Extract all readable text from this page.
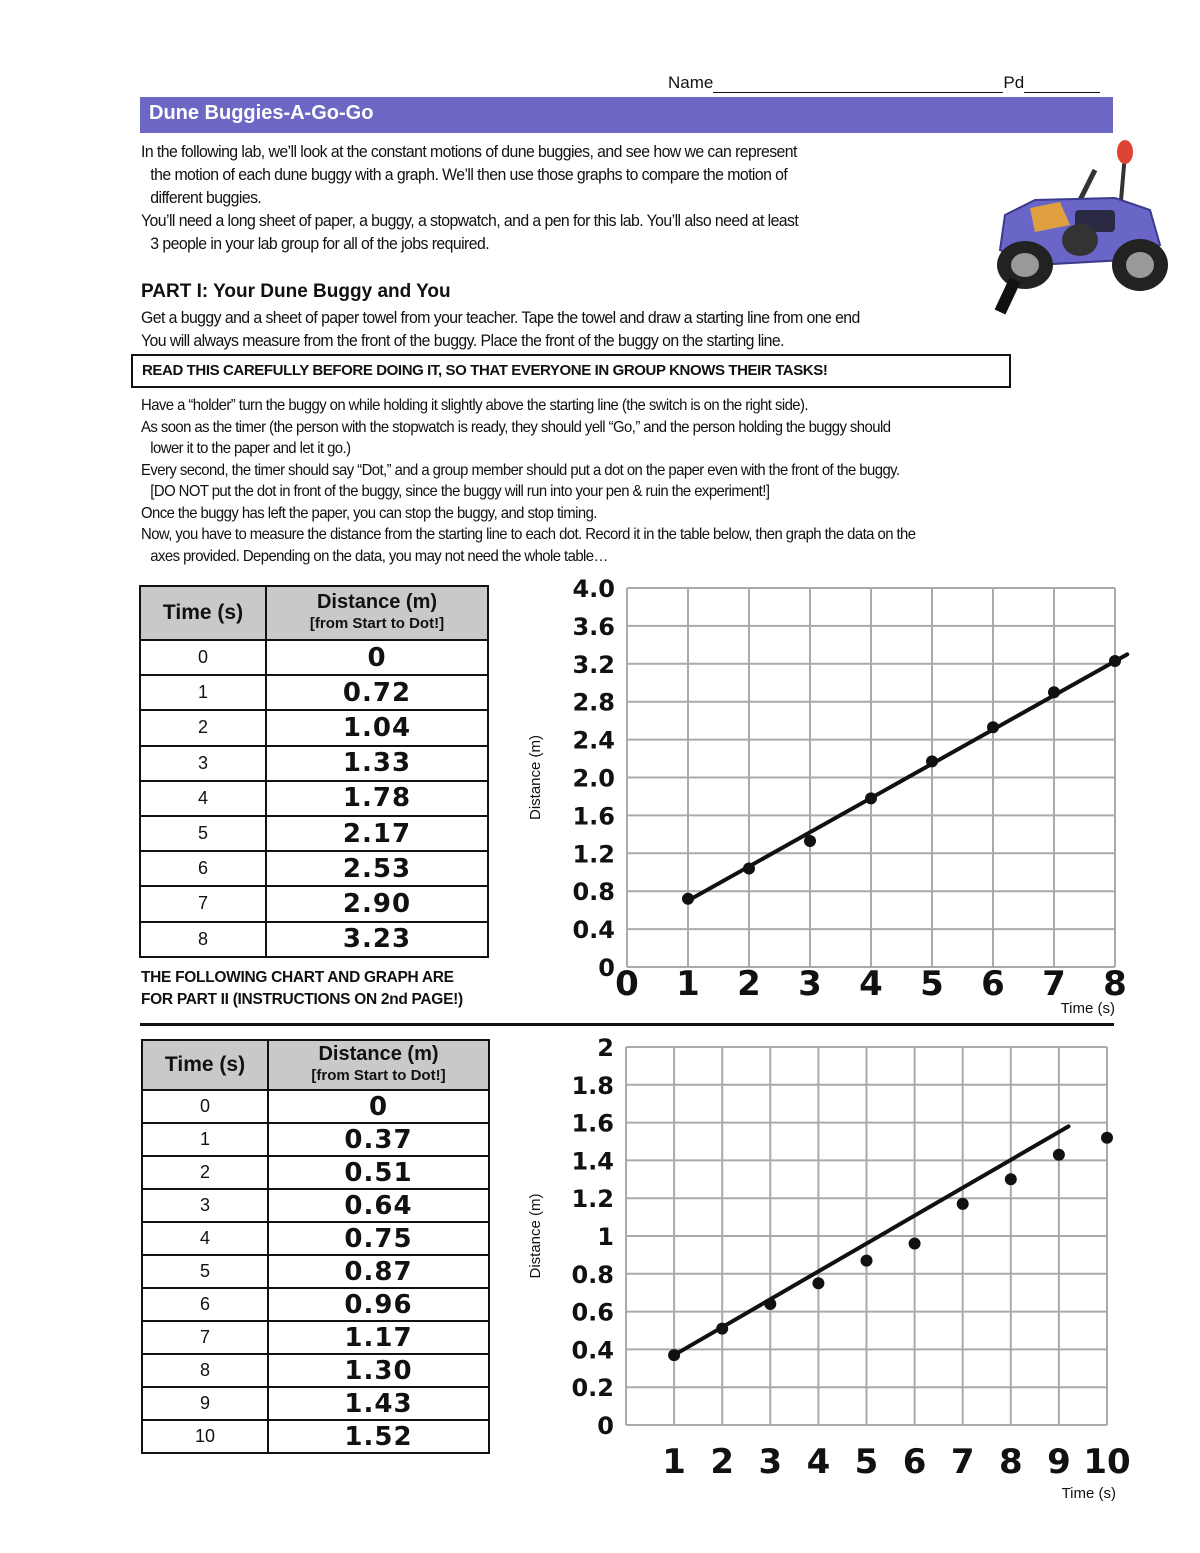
Name	Pd
Dune Buggies-A-Go-Go
In the following lab, we’ll look at the constant motions of dune buggies, and see how we can represent
the motion of each dune buggy with a graph. We’ll then use those graphs to compare the motion of
different buggies.
You’ll need a long sheet of paper, a buggy, a stopwatch, and a pen for this lab. You’ll also need at least
3 people in your lab group for all of the jobs required.
PART I: Your Dune Buggy and You
Get a buggy and a sheet of paper towel from your teacher. Tape the towel and draw a starting line from one end
You will always measure from the front of the buggy. Place the front of the buggy on the starting line.
READ THIS CAREFULLY BEFORE DOING IT, SO THAT EVERYONE IN GROUP KNOWS THEIR TASKS!
Have a “holder” turn the buggy on while holding it slightly above the starting line (the switch is on the right side).
As soon as the timer (the person with the stopwatch is ready, they should yell “Go,” and the person holding the buggy should
lower it to the paper and let it go.)
Every second, the timer should say “Dot,” and a group member should put a dot on the paper even with the front of the buggy.
[DO NOT put the dot in front of the buggy, since the buggy will run into your pen & ruin the experiment!]
Once the buggy has left the paper, you can stop the buggy, and stop timing.
Now, you have to measure the distance from the starting line to each dot. Record it in the table below, then graph the data on the
axes provided. Depending on the data, you may not need the whole table…
Time (s)	Distance (m)
[from Start to Dot!]

0	0
1	0.72
2	1.04
3	1.33
4	1.78
5	2.17
6	2.53
7	2.90
8	3.23
THE FOLLOWING CHART AND GRAPH ARE
FOR PART II (INSTRUCTIONS ON 2nd PAGE!)
Time (s)	Distance (m)
[from Start to Dot!]

0	0
1	0.37
2	0.51
3	0.64
4	0.75
5	0.87
6	0.96
7	1.17
8	1.30
9	1.43
10	1.52
0
0.4
0.8
1.2
1.6
2.0
2.4
2.8
3.2
3.6
4.0
0 1 2 3 4 5 6 7 8
Distance (m)
Time (s)
0
0.2
0.4
0.6
0.8
1
1.2
1.4
1.6
1.8
2
1 2 3 4 5 6 7 8 9 10
Distance (m)
Time (s)
